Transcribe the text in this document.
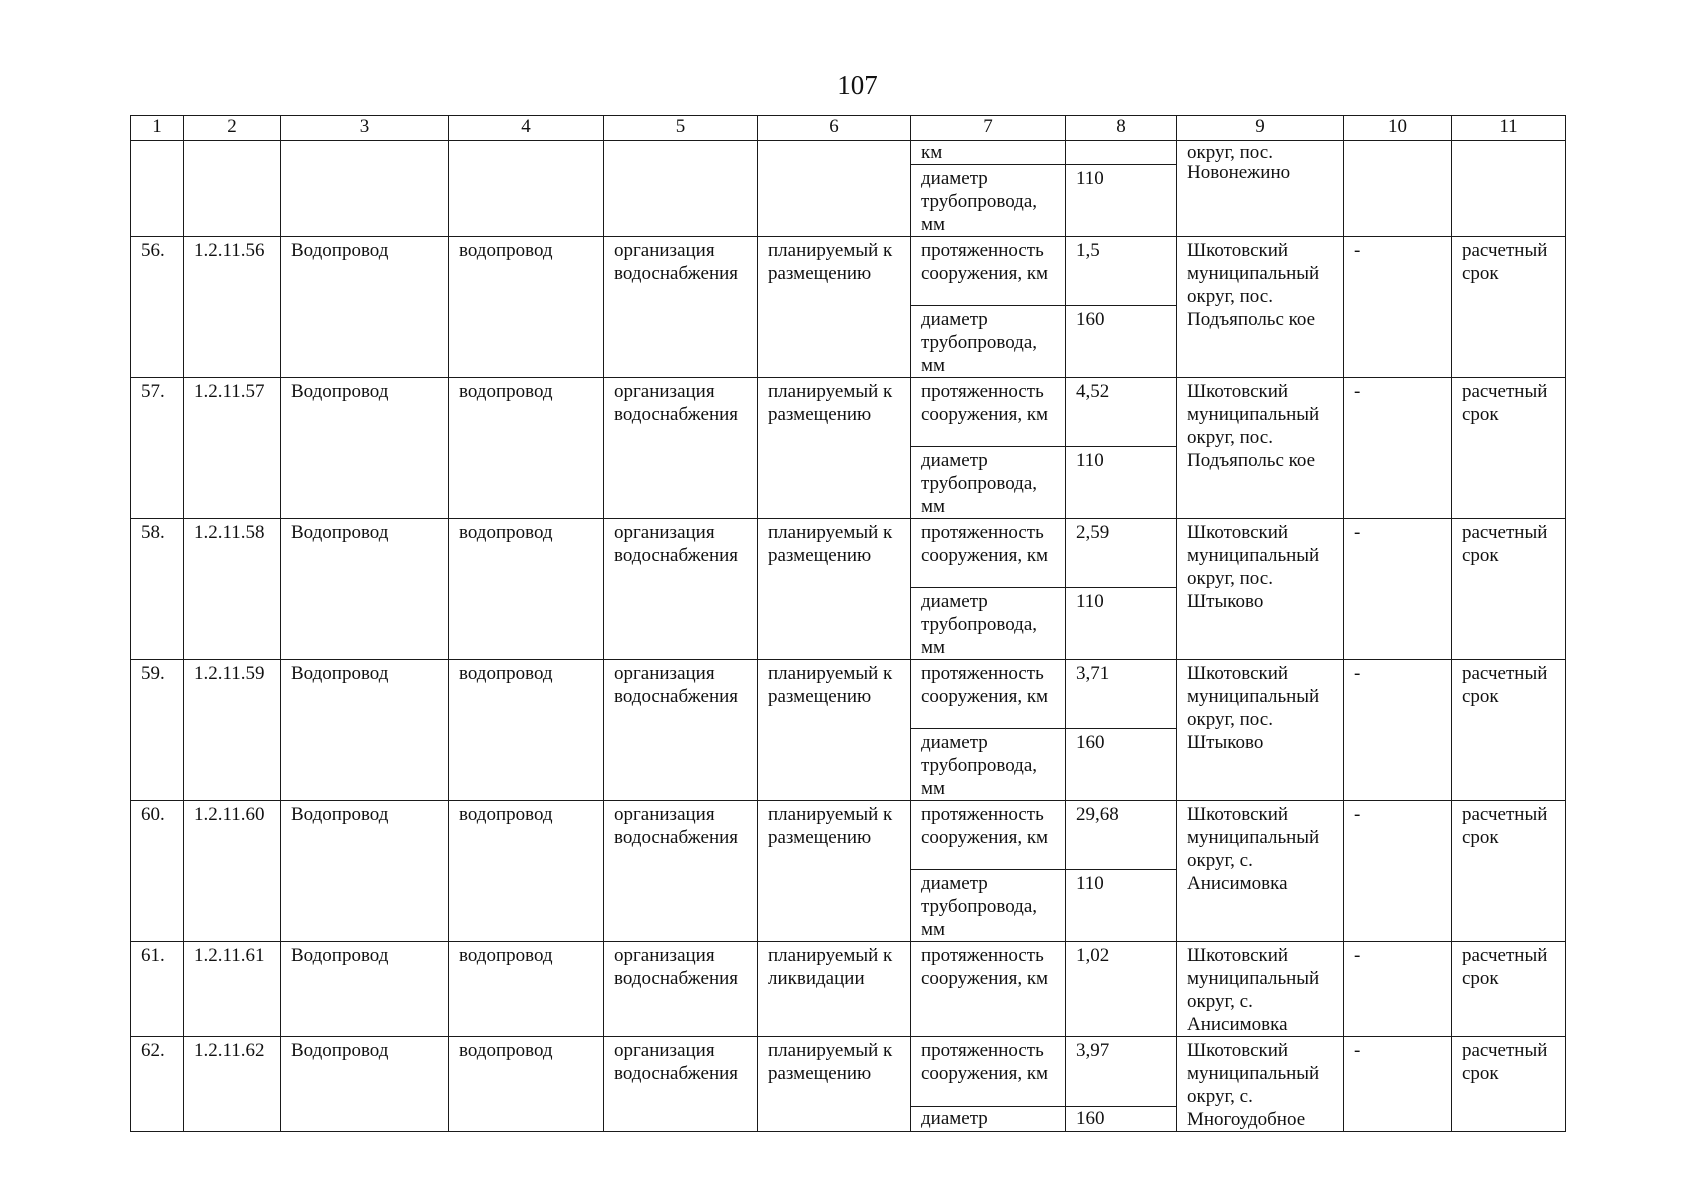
107
1	2	3	4	5	6	7	8	9	10	11
						км		округ, пос. Новонежино		
						диаметр трубопровода, мм	110			
56.	1.2.11.56	Водопровод	водопровод	организация водоснабжения	планируемый к размещению	протяженность сооружения, км	1,5	Шкотовский муниципальный округ, пос. Подъяпольс кое	-	расчетный срок
						диаметр трубопровода, мм	160			
57.	1.2.11.57	Водопровод	водопровод	организация водоснабжения	планируемый к размещению	протяженность сооружения, км	4,52	Шкотовский муниципальный округ, пос. Подъяпольс кое	-	расчетный срок
						диаметр трубопровода, мм	110			
58.	1.2.11.58	Водопровод	водопровод	организация водоснабжения	планируемый к размещению	протяженность сооружения, км	2,59	Шкотовский муниципальный округ, пос. Штыково	-	расчетный срок
						диаметр трубопровода, мм	110			
59.	1.2.11.59	Водопровод	водопровод	организация водоснабжения	планируемый к размещению	протяженность сооружения, км	3,71	Шкотовский муниципальный округ, пос. Штыково	-	расчетный срок
						диаметр трубопровода, мм	160			
60.	1.2.11.60	Водопровод	водопровод	организация водоснабжения	планируемый к размещению	протяженность сооружения, км	29,68	Шкотовский муниципальный округ, с. Анисимовка	-	расчетный срок
						диаметр трубопровода, мм	110			
61.	1.2.11.61	Водопровод	водопровод	организация водоснабжения	планируемый к ликвидации	протяженность сооружения, км	1,02	Шкотовский муниципальный округ, с. Анисимовка	-	расчетный срок
62.	1.2.11.62	Водопровод	водопровод	организация водоснабжения	планируемый к размещению	протяженность сооружения, км	3,97	Шкотовский муниципальный округ, с. Многоудобное	-	расчетный срок
						диаметр	160			
